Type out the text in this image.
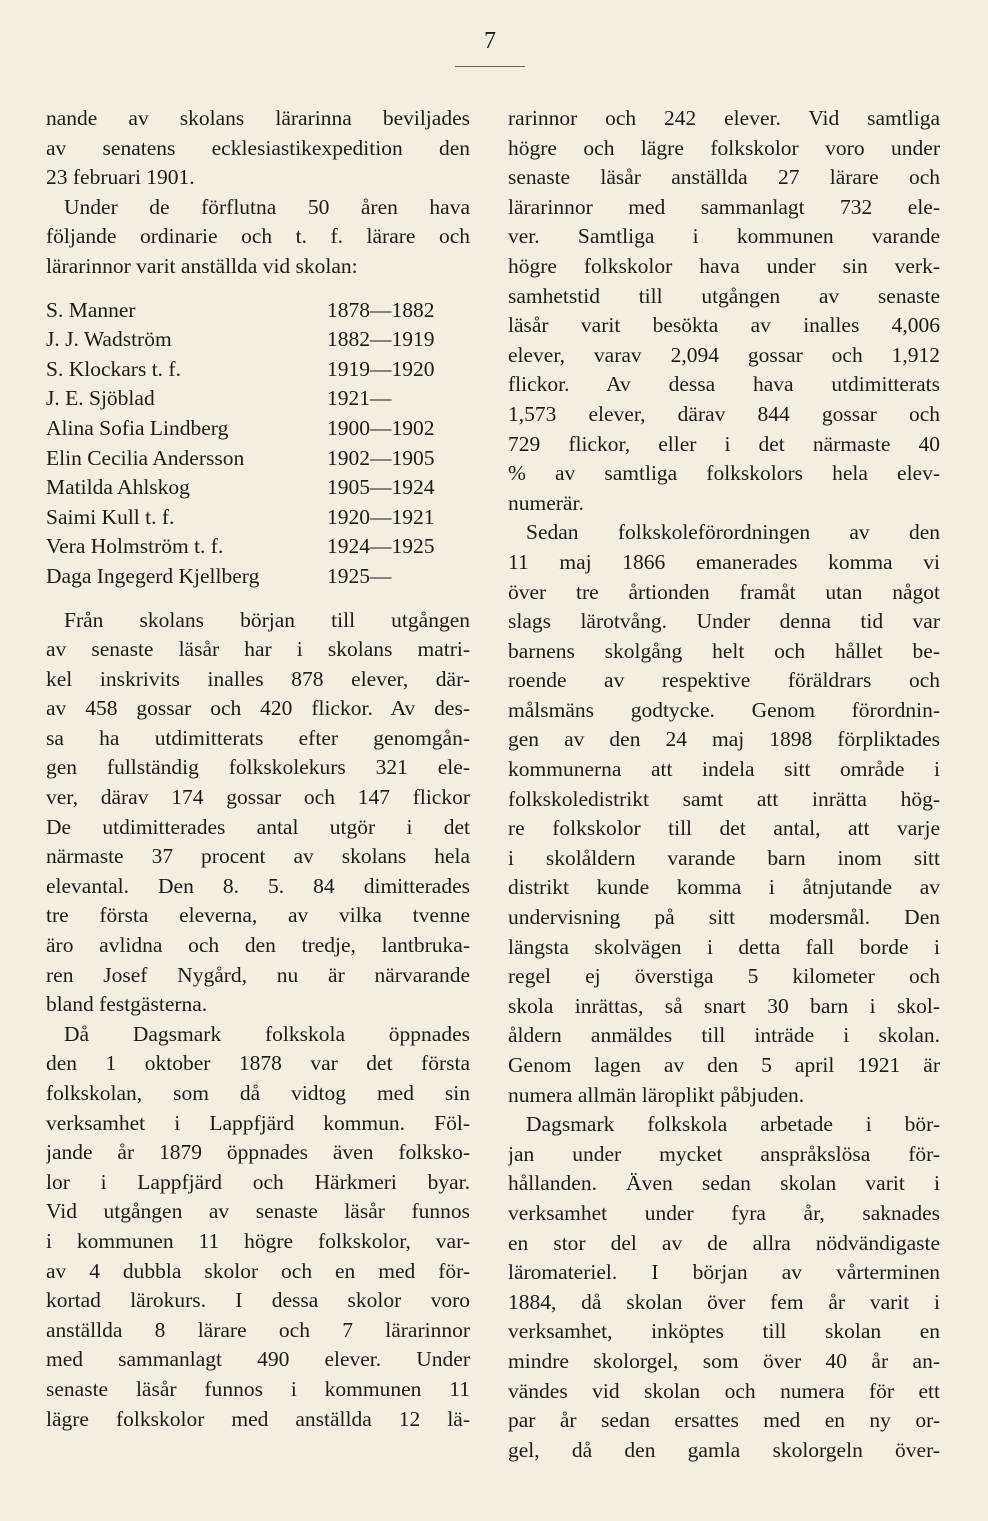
7
nande av skolans lärarinna beviljades
av senatens ecklesiastikexpedition den
23 februari 1901.
Under de förflutna 50 åren hava
följande ordinarie och t. f. lärare och
lärarinnor varit anställda vid skolan:
S. Manner	1878—1882
J. J. Wadström	1882—1919
S. Klockars t. f.	1919—1920
J. E. Sjöblad	1921—
Alina Sofia Lindberg	1900—1902
Elin Cecilia Andersson	1902—1905
Matilda Ahlskog	1905—1924
Saimi Kull t. f.	1920—1921
Vera Holmström t. f.	1924—1925
Daga Ingegerd Kjellberg	1925—
Från skolans början till utgången
av senaste läsår har i skolans matri-
kel inskrivits inalles 878 elever, där-
av 458 gossar och 420 flickor. Av des-
sa ha utdimitterats efter genomgån-
gen fullständig folkskolekurs 321 ele-
ver, därav 174 gossar och 147 flickor
De utdimitterades antal utgör i det
närmaste 37 procent av skolans hela
elevantal. Den 8. 5. 84 dimitterades
tre första eleverna, av vilka tvenne
äro avlidna och den tredje, lantbruka-
ren Josef Nygård, nu är närvarande
bland festgästerna.
Då Dagsmark folkskola öppnades
den 1 oktober 1878 var det första
folkskolan, som då vidtog med sin
verksamhet i Lappfjärd kommun. Föl-
jande år 1879 öppnades även folksko-
lor i Lappfjärd och Härkmeri byar.
Vid utgången av senaste läsår funnos
i kommunen 11 högre folkskolor, var-
av 4 dubbla skolor och en med för-
kortad lärokurs. I dessa skolor voro
anställda 8 lärare och 7 lärarinnor
med sammanlagt 490 elever. Under
senaste läsår funnos i kommunen 11
lägre folkskolor med anställda 12 lä-
rarinnor och 242 elever. Vid samtliga
högre och lägre folkskolor voro under
senaste läsår anställda 27 lärare och
lärarinnor med sammanlagt 732 ele-
ver. Samtliga i kommunen varande
högre folkskolor hava under sin verk-
samhetstid till utgången av senaste
läsår varit besökta av inalles 4,006
elever, varav 2,094 gossar och 1,912
flickor. Av dessa hava utdimitterats
1,573 elever, därav 844 gossar och
729 flickor, eller i det närmaste 40
% av samtliga folkskolors hela elev-
numerär.
Sedan folkskoleförordningen av den
11 maj 1866 emanerades komma vi
över tre årtionden framåt utan något
slags lärotvång. Under denna tid var
barnens skolgång helt och hållet be-
roende av respektive föräldrars och
målsmäns godtycke. Genom förordnin-
gen av den 24 maj 1898 förpliktades
kommunerna att indela sitt område i
folkskoledistrikt samt att inrätta hög-
re folkskolor till det antal, att varje
i skolåldern varande barn inom sitt
distrikt kunde komma i åtnjutande av
undervisning på sitt modersmål. Den
längsta skolvägen i detta fall borde i
regel ej överstiga 5 kilometer och
skola inrättas, så snart 30 barn i skol-
åldern anmäldes till inträde i skolan.
Genom lagen av den 5 april 1921 är
numera allmän läroplikt påbjuden.
Dagsmark folkskola arbetade i bör-
jan under mycket anspråkslösa för-
hållanden. Även sedan skolan varit i
verksamhet under fyra år, saknades
en stor del av de allra nödvändigaste
läromateriel. I början av vårterminen
1884, då skolan över fem år varit i
verksamhet, inköptes till skolan en
mindre skolorgel, som över 40 år an-
vändes vid skolan och numera för ett
par år sedan ersattes med en ny or-
gel, då den gamla skolorgeln över-
